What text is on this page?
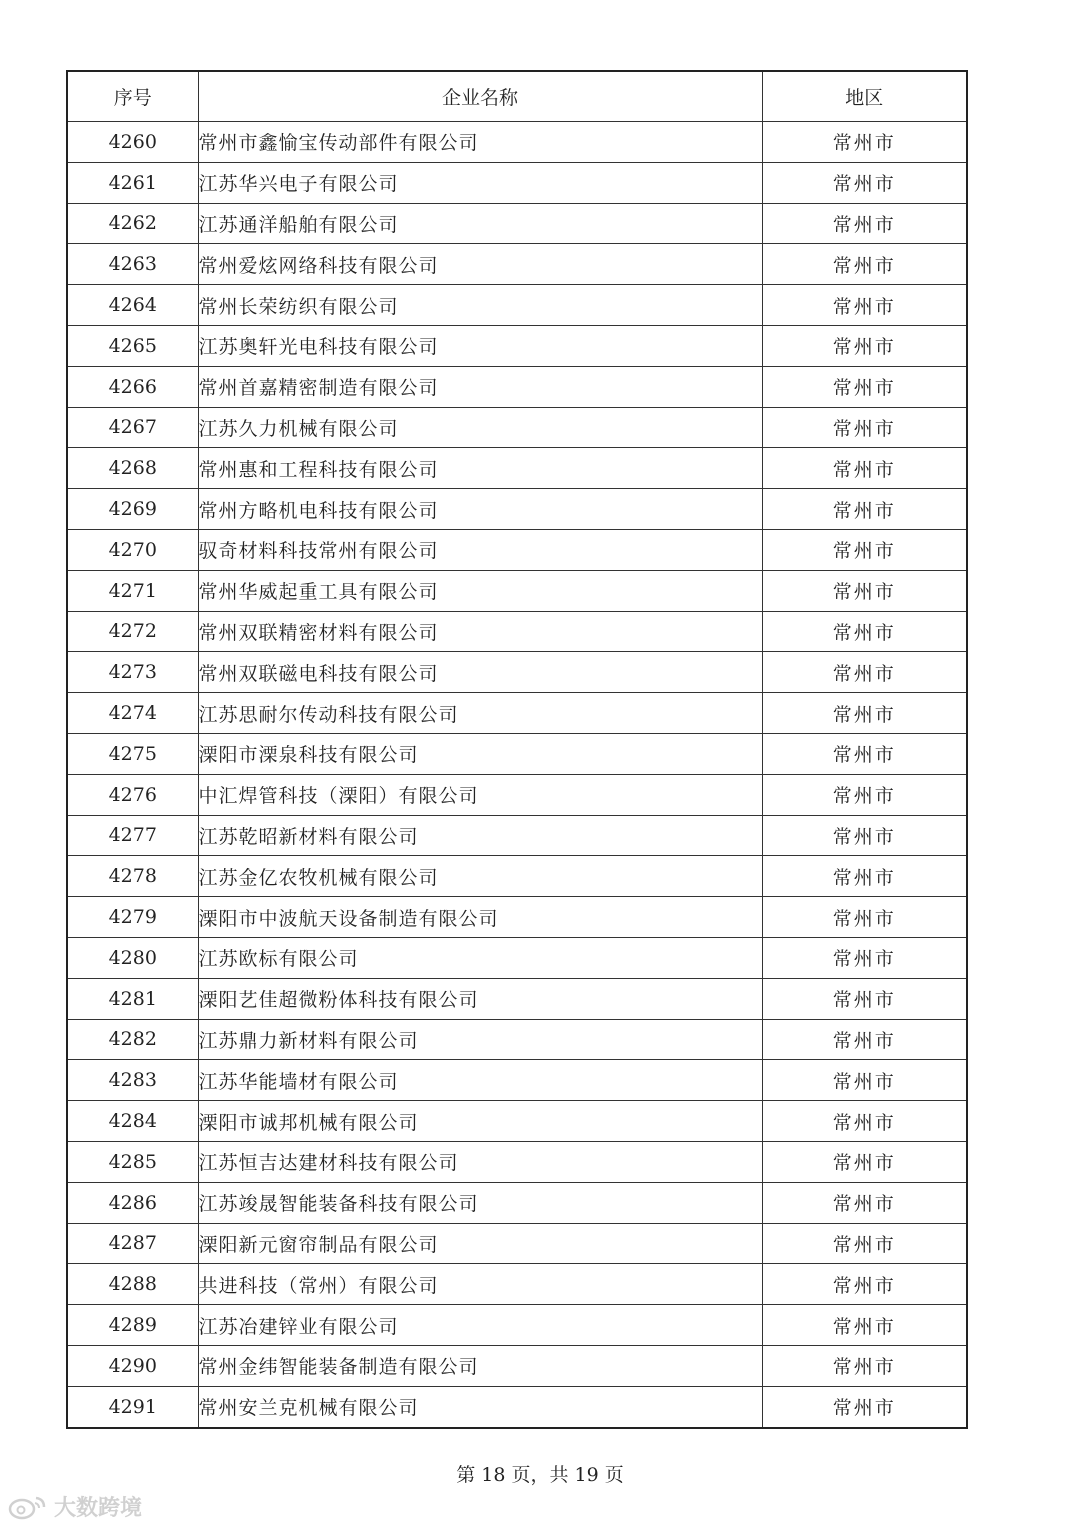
序号	企业名称	地区
4260	常州市鑫愉宝传动部件有限公司	常州市
4261	江苏华兴电子有限公司	常州市
4262	江苏通洋船舶有限公司	常州市
4263	常州爱炫网络科技有限公司	常州市
4264	常州长荣纺织有限公司	常州市
4265	江苏奥轩光电科技有限公司	常州市
4266	常州首嘉精密制造有限公司	常州市
4267	江苏久力机械有限公司	常州市
4268	常州惠和工程科技有限公司	常州市
4269	常州方略机电科技有限公司	常州市
4270	驭奇材料科技常州有限公司	常州市
4271	常州华威起重工具有限公司	常州市
4272	常州双联精密材料有限公司	常州市
4273	常州双联磁电科技有限公司	常州市
4274	江苏思耐尔传动科技有限公司	常州市
4275	溧阳市溧泉科技有限公司	常州市
4276	中汇焊管科技（溧阳）有限公司	常州市
4277	江苏乾昭新材料有限公司	常州市
4278	江苏金亿农牧机械有限公司	常州市
4279	溧阳市中波航天设备制造有限公司	常州市
4280	江苏欧标有限公司	常州市
4281	溧阳艺佳超微粉体科技有限公司	常州市
4282	江苏鼎力新材料有限公司	常州市
4283	江苏华能墙材有限公司	常州市
4284	溧阳市诚邦机械有限公司	常州市
4285	江苏恒吉达建材科技有限公司	常州市
4286	江苏竣晟智能装备科技有限公司	常州市
4287	溧阳新元窗帘制品有限公司	常州市
4288	共进科技（常州）有限公司	常州市
4289	江苏冶建锌业有限公司	常州市
4290	常州金纬智能装备制造有限公司	常州市
4291	常州安兰克机械有限公司	常州市
第 18 页，共 19 页
大数跨境
